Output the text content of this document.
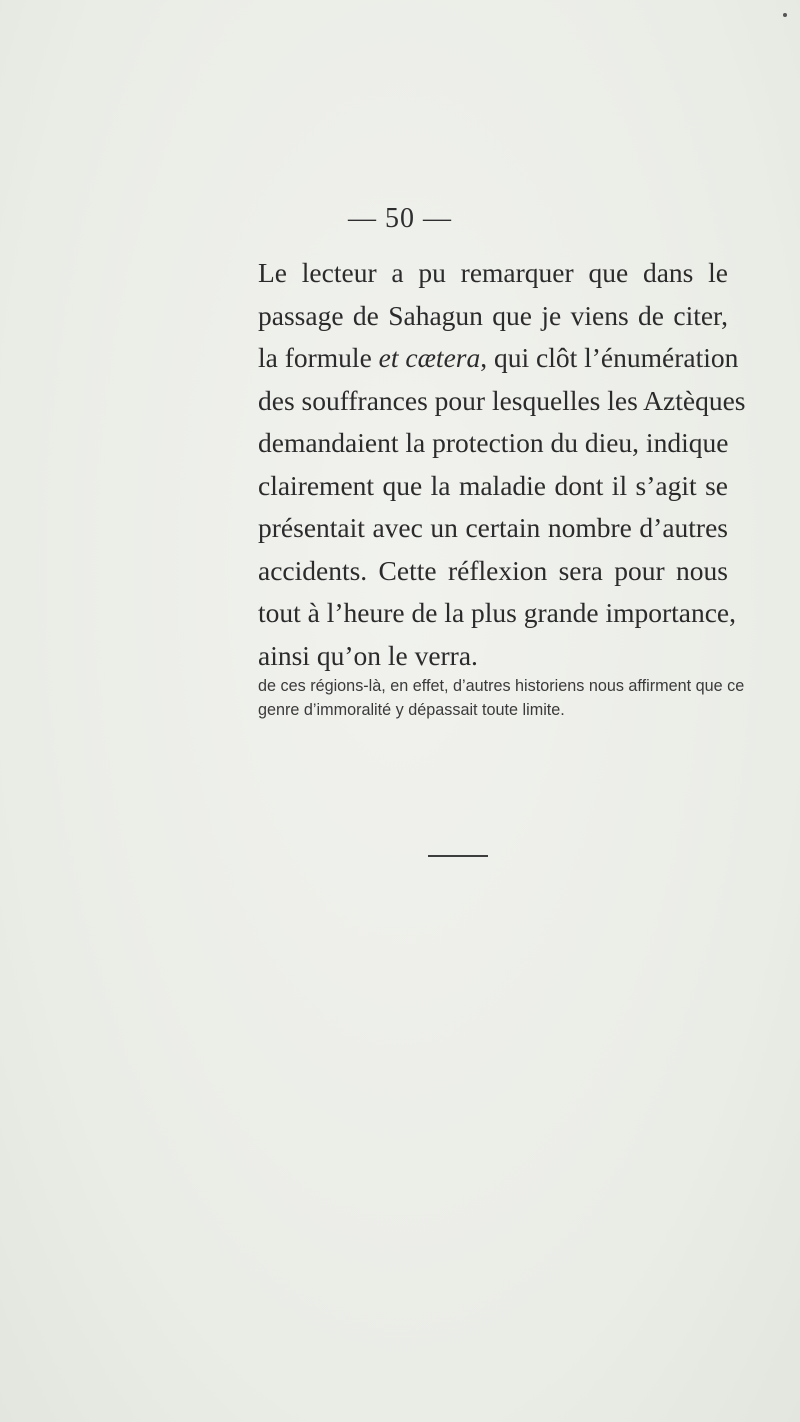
— 50 —
Le lecteur a pu remarquer que dans le
passage de Sahagun que je viens de citer,
la formule et cætera, qui clôt l’énumération
des souffrances pour lesquelles les Aztèques
demandaient la protection du dieu, indique
clairement que la maladie dont il s’agit se
présentait avec un certain nombre d’autres
accidents. Cette réflexion sera pour nous
tout à l’heure de la plus grande importance,
ainsi qu’on le verra.
de ces régions-là, en effet, d’autres historiens nous affirment que ce
genre d’immoralité y dépassait toute limite.
